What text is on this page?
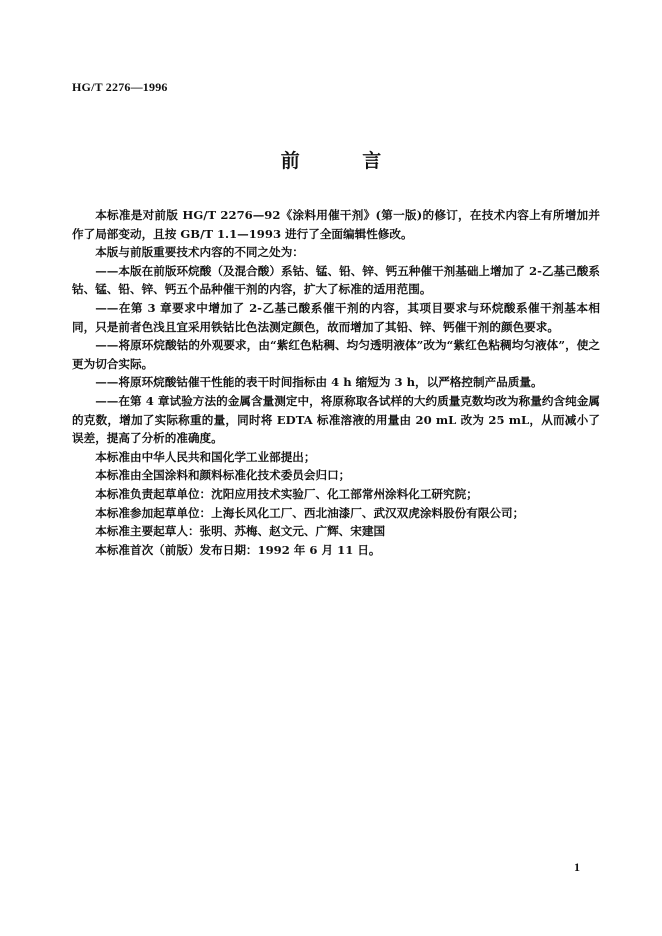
HG/T 2276—1996
前 言

本标准是对前版 HG/T 2276—92《涂料用催干剂》(第一版)的修订，在技术内容上有所增加并作了局部变动，且按 GB/T 1.1—1993 进行了全面编辑性修改。

本版与前版重要技术内容的不同之处为：

——本版在前版环烷酸（及混合酸）系钴、锰、铅、锌、钙五种催干剂基础上增加了 2-乙基己酸系钴、锰、铅、锌、钙五个品种催干剂的内容，扩大了标准的适用范围。

——在第 3 章要求中增加了 2-乙基己酸系催干剂的内容，其项目要求与环烷酸系催干剂基本相同，只是前者色浅且宜采用铁钴比色法测定颜色，故而增加了其铅、锌、钙催干剂的颜色要求。

——将原环烷酸钴的外观要求，由“紫红色粘稠、均匀透明液体”改为“紫红色粘稠均匀液体”，使之更为切合实际。

——将原环烷酸钴催干性能的表干时间指标由 4 h 缩短为 3 h，以严格控制产品质量。

——在第 4 章试验方法的金属含量测定中，将原称取各试样的大约质量克数均改为称量约含纯金属的克数，增加了实际称重的量，同时将 EDTA 标准溶液的用量由 20 mL 改为 25 mL，从而减小了误差，提高了分析的准确度。

本标准由中华人民共和国化学工业部提出；

本标准由全国涂料和颜料标准化技术委员会归口；

本标准负责起草单位：沈阳应用技术实验厂、化工部常州涂料化工研究院；

本标准参加起草单位：上海长风化工厂、西北油漆厂、武汉双虎涂料股份有限公司；

本标准主要起草人：张明、苏梅、赵文元、广辉、宋建国

本标准首次（前版）发布日期：1992 年 6 月 11 日。

1
